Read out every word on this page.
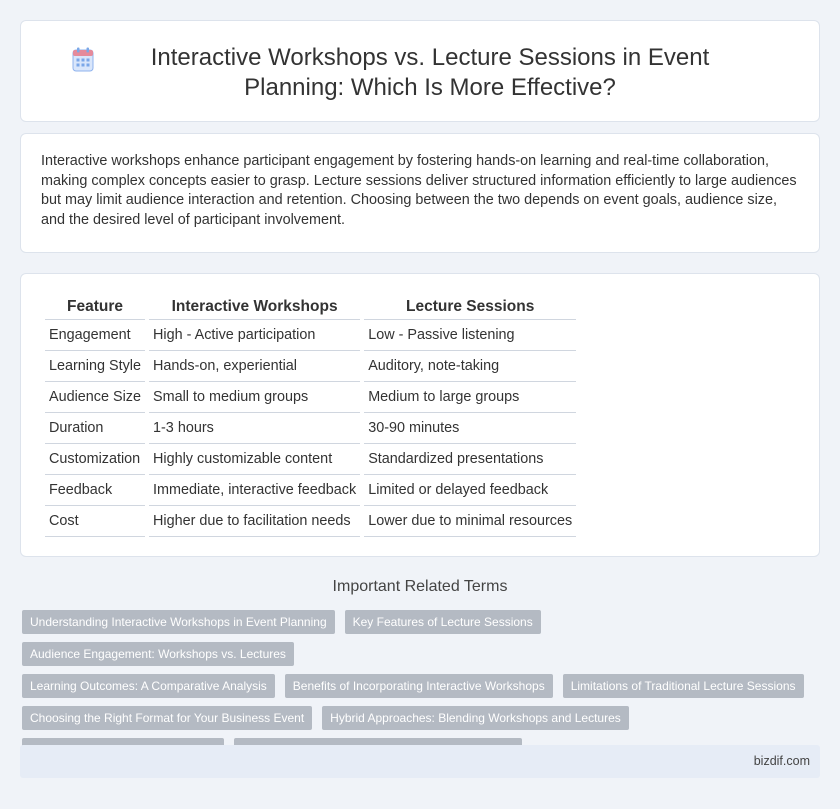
Interactive Workshops vs. Lecture Sessions in Event Planning: Which Is More Effective?

Interactive workshops enhance participant engagement by fostering hands-on learning and real-time collaboration, making complex concepts easier to grasp. Lecture sessions deliver structured information efficiently to large audiences but may limit audience interaction and retention. Choosing between the two depends on event goals, audience size, and the desired level of participant involvement.

Feature	Interactive Workshops	Lecture Sessions
Engagement	High - Active participation	Low - Passive listening
Learning Style	Hands-on, experiential	Auditory, note-taking
Audience Size	Small to medium groups	Medium to large groups
Duration	1-3 hours	30-90 minutes
Customization	Highly customizable content	Standardized presentations
Feedback	Immediate, interactive feedback	Limited or delayed feedback
Cost	Higher due to facilitation needs	Lower due to minimal resources
Important Related Terms
Understanding Interactive Workshops in Event Planning Key Features of Lecture SessionsAudience Engagement: Workshops vs. Lectures
Learning Outcomes: A Comparative Analysis Benefits of Incorporating Interactive Workshops Limitations of Traditional Lecture Sessions
Choosing the Right Format for Your Business Event Hybrid Approaches: Blending Workshops and Lectures

bizdif.com
